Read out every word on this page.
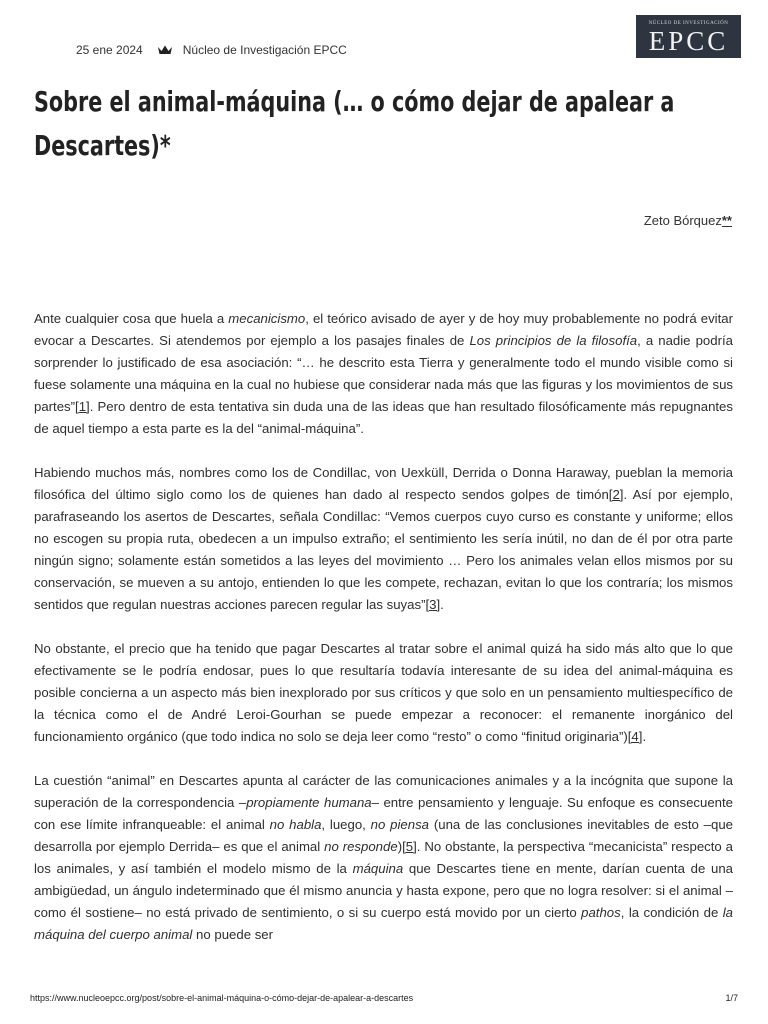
25 ene 2024	Núcleo de Investigación EPCC
NÚCLEO DE INVESTIGACIÓN
EPCC
Sobre el animal-máquina (… o cómo dejar de apalear a Descartes)*
Zeto Bórquez**

Ante cualquier cosa que huela a mecanicismo, el teórico avisado de ayer y de hoy muy probablemente no podrá evitar evocar a Descartes. Si atendemos por ejemplo a los pasajes finales de Los principios de la filosofía, a nadie podría sorprender lo justificado de esa asociación: “… he descrito esta Tierra y generalmente todo el mundo visible como si fuese solamente una máquina en la cual no hubiese que considerar nada más que las figuras y los movimientos de sus partes”[1]. Pero dentro de esta tentativa sin duda una de las ideas que han resultado filosóficamente más repugnantes de aquel tiempo a esta parte es la del “animal-máquina”.

Habiendo muchos más, nombres como los de Condillac, von Uexküll, Derrida o Donna Haraway, pueblan la memoria filosófica del último siglo como los de quienes han dado al respecto sendos golpes de timón[2]. Así por ejemplo, parafraseando los asertos de Descartes, señala Condillac: “Vemos cuerpos cuyo curso es constante y uniforme; ellos no escogen su propia ruta, obedecen a un impulso extraño; el sentimiento les sería inútil, no dan de él por otra parte ningún signo; solamente están sometidos a las leyes del movimiento … Pero los animales velan ellos mismos por su conservación, se mueven a su antojo, entienden lo que les compete, rechazan, evitan lo que los contraría; los mismos sentidos que regulan nuestras acciones parecen regular las suyas”[3].

No obstante, el precio que ha tenido que pagar Descartes al tratar sobre el animal quizá ha sido más alto que lo que efectivamente se le podría endosar, pues lo que resultaría todavía interesante de su idea del animal-máquina es posible concierna a un aspecto más bien inexplorado por sus críticos y que solo en un pensamiento multiespecífico de la técnica como el de André Leroi-Gourhan se puede empezar a reconocer: el remanente inorgánico del funcionamiento orgánico (que todo indica no solo se deja leer como “resto” o como “finitud originaria”)[4].

La cuestión “animal” en Descartes apunta al carácter de las comunicaciones animales y a la incógnita que supone la superación de la correspondencia –propiamente humana– entre pensamiento y lenguaje. Su enfoque es consecuente con ese límite infranqueable: el animal no habla, luego, no piensa (una de las conclusiones inevitables de esto –que desarrolla por ejemplo Derrida– es que el animal no responde)[5]. No obstante, la perspectiva “mecanicista” respecto a los animales, y así también el modelo mismo de la máquina que Descartes tiene en mente, darían cuenta de una ambigüedad, un ángulo indeterminado que él mismo anuncia y hasta expone, pero que no logra resolver: si el animal –como él sostiene– no está privado de sentimiento, o si su cuerpo está movido por un cierto pathos, la condición de la máquina del cuerpo animal no puede ser

https://www.nucleoepcc.org/post/sobre-el-animal-máquina-o-cómo-dejar-de-apalear-a-descartes	1/7
